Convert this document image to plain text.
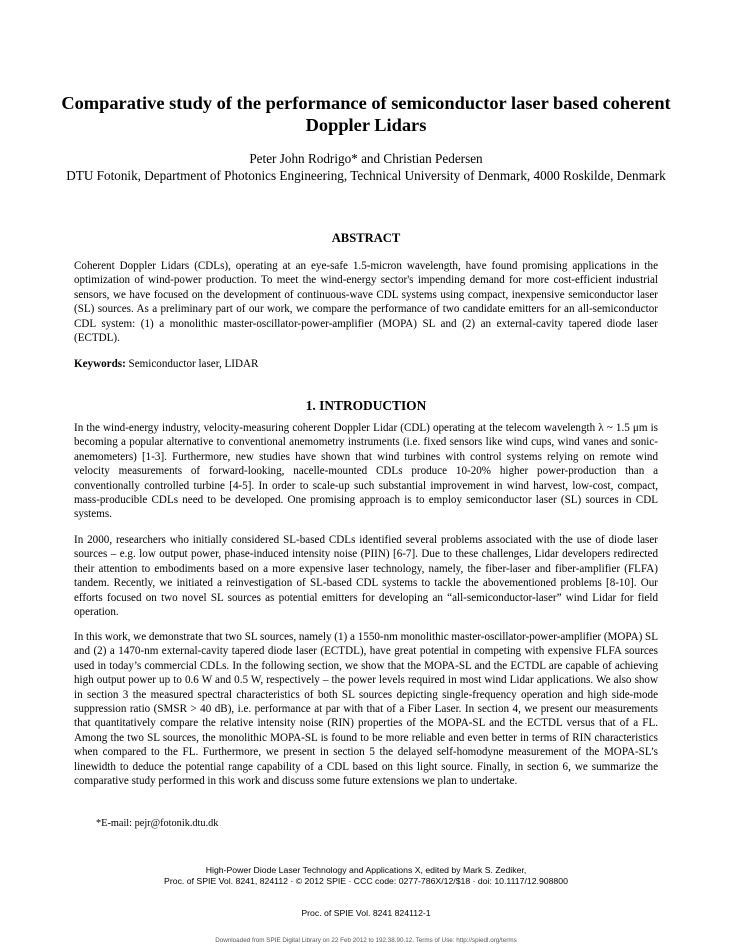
Comparative study of the performance of semiconductor laser based coherent Doppler Lidars
Peter John Rodrigo* and Christian Pedersen
DTU Fotonik, Department of Photonics Engineering, Technical University of Denmark, 4000 Roskilde, Denmark
ABSTRACT
Coherent Doppler Lidars (CDLs), operating at an eye-safe 1.5-micron wavelength, have found promising applications in the optimization of wind-power production. To meet the wind-energy sector's impending demand for more cost-efficient industrial sensors, we have focused on the development of continuous-wave CDL systems using compact, inexpensive semiconductor laser (SL) sources. As a preliminary part of our work, we compare the performance of two candidate emitters for an all-semiconductor CDL system: (1) a monolithic master-oscillator-power-amplifier (MOPA) SL and (2) an external-cavity tapered diode laser (ECTDL).
Keywords: Semiconductor laser, LIDAR
1. INTRODUCTION
In the wind-energy industry, velocity-measuring coherent Doppler Lidar (CDL) operating at the telecom wavelength λ ~ 1.5 μm is becoming a popular alternative to conventional anemometry instruments (i.e. fixed sensors like wind cups, wind vanes and sonic-anemometers) [1-3]. Furthermore, new studies have shown that wind turbines with control systems relying on remote wind velocity measurements of forward-looking, nacelle-mounted CDLs produce 10-20% higher power-production than a conventionally controlled turbine [4-5]. In order to scale-up such substantial improvement in wind harvest, low-cost, compact, mass-producible CDLs need to be developed. One promising approach is to employ semiconductor laser (SL) sources in CDL systems.
In 2000, researchers who initially considered SL-based CDLs identified several problems associated with the use of diode laser sources – e.g. low output power, phase-induced intensity noise (PIIN) [6-7]. Due to these challenges, Lidar developers redirected their attention to embodiments based on a more expensive laser technology, namely, the fiber-laser and fiber-amplifier (FLFA) tandem. Recently, we initiated a reinvestigation of SL-based CDL systems to tackle the abovementioned problems [8-10]. Our efforts focused on two novel SL sources as potential emitters for developing an “all-semiconductor-laser” wind Lidar for field operation.
In this work, we demonstrate that two SL sources, namely (1) a 1550-nm monolithic master-oscillator-power-amplifier (MOPA) SL and (2) a 1470-nm external-cavity tapered diode laser (ECTDL), have great potential in competing with expensive FLFA sources used in today’s commercial CDLs. In the following section, we show that the MOPA-SL and the ECTDL are capable of achieving high output power up to 0.6 W and 0.5 W, respectively – the power levels required in most wind Lidar applications. We also show in section 3 the measured spectral characteristics of both SL sources depicting single-frequency operation and high side-mode suppression ratio (SMSR > 40 dB), i.e. performance at par with that of a Fiber Laser. In section 4, we present our measurements that quantitatively compare the relative intensity noise (RIN) properties of the MOPA-SL and the ECTDL versus that of a FL. Among the two SL sources, the monolithic MOPA-SL is found to be more reliable and even better in terms of RIN characteristics when compared to the FL. Furthermore, we present in section 5 the delayed self-homodyne measurement of the MOPA-SL’s linewidth to deduce the potential range capability of a CDL based on this light source. Finally, in section 6, we summarize the comparative study performed in this work and discuss some future extensions we plan to undertake.
*E-mail: pejr@fotonik.dtu.dk
High-Power Diode Laser Technology and Applications X, edited by Mark S. Zediker,
Proc. of SPIE Vol. 8241, 824112 · © 2012 SPIE · CCC code: 0277-786X/12/$18 · doi: 10.1117/12.908800
Proc. of SPIE Vol. 8241 824112-1
Downloaded from SPIE Digital Library on 22 Feb 2012 to 192.38.90.12. Terms of Use: http://spiedl.org/terms
